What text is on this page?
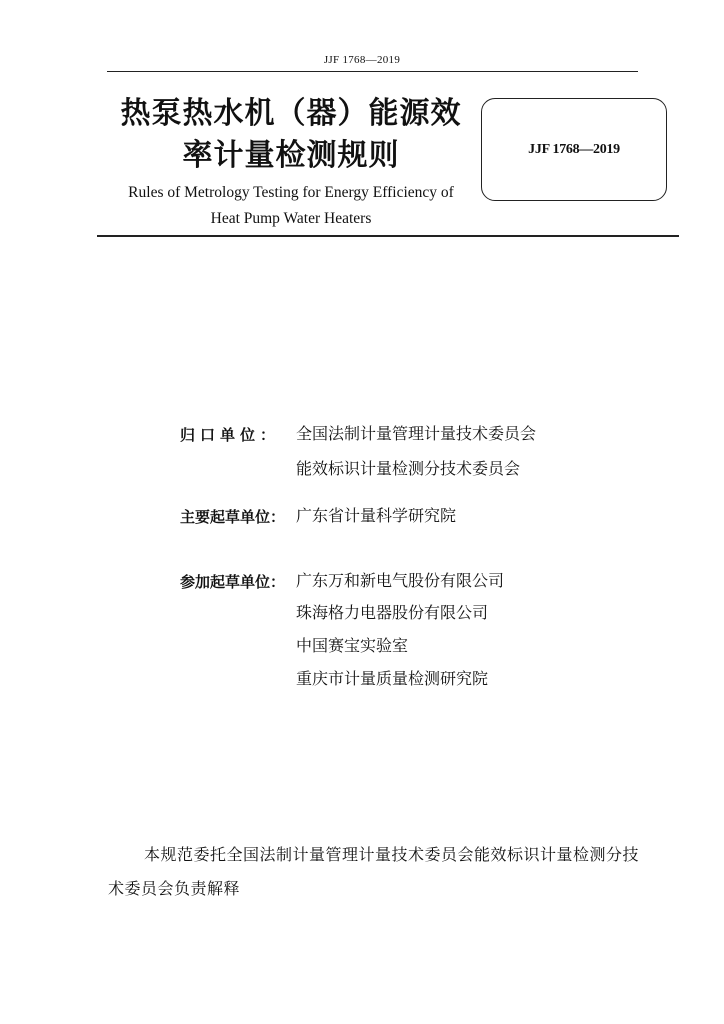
JJF 1768—2019
热泵热水机（器）能源效
率计量检测规则
Rules of Metrology Testing for Energy Efficiency of
Heat Pump Water Heaters
JJF 1768—2019
归口单位： 全国法制计量管理计量技术委员会
能效标识计量检测分技术委员会
主要起草单位： 广东省计量科学研究院
参加起草单位： 广东万和新电气股份有限公司
珠海格力电器股份有限公司
中国赛宝实验室
重庆市计量质量检测研究院
本规范委托全国法制计量管理计量技术委员会能效标识计量检测分技术委员会负责解释
